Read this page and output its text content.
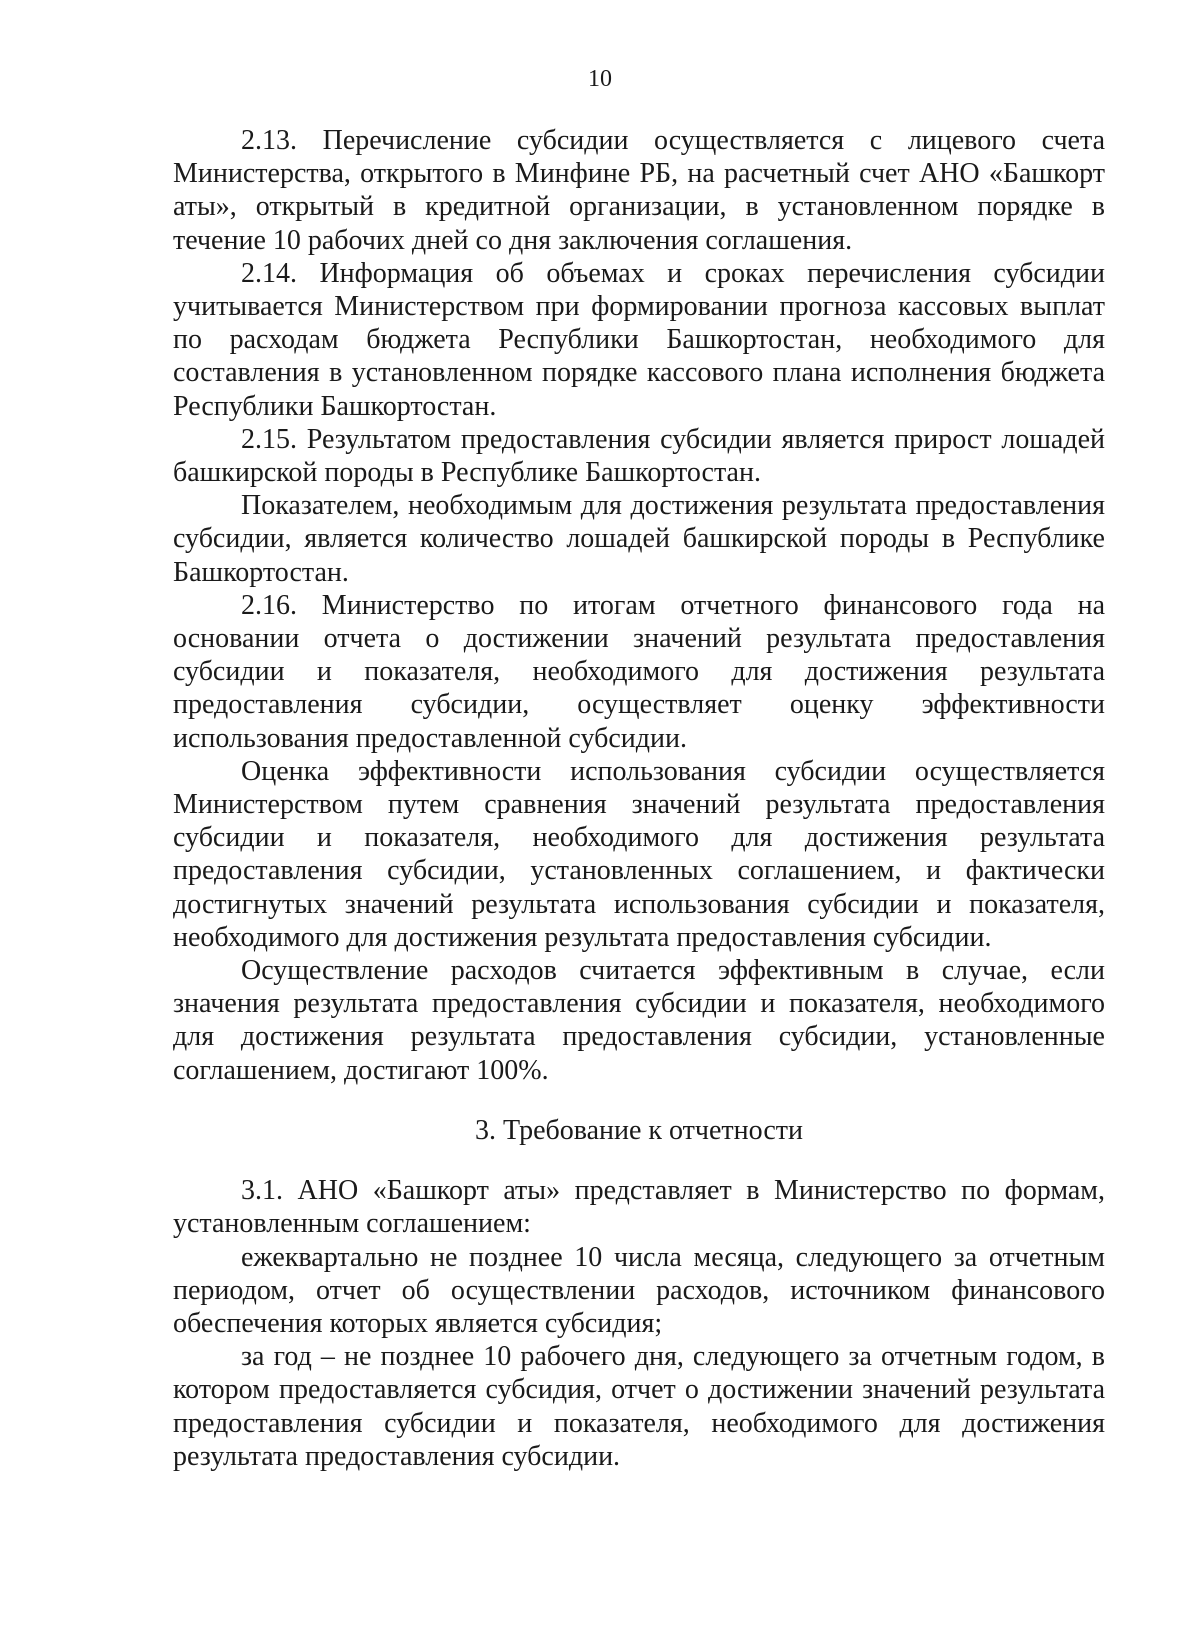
10

2.13. Перечисление субсидии осуществляется с лицевого счета Министерства, открытого в Минфине РБ, на расчетный счет АНО «Башкорт аты», открытый в кредитной организации, в установленном порядке в течение 10 рабочих дней со дня заключения соглашения.

2.14. Информация об объемах и сроках перечисления субсидии учитывается Министерством при формировании прогноза кассовых выплат по расходам бюджета Республики Башкортостан, необходимого для составления в установленном порядке кассового плана исполнения бюджета Республики Башкортостан.

2.15. Результатом предоставления субсидии является прирост лошадей башкирской породы в Республике Башкортостан.

Показателем, необходимым для достижения результата предоставления субсидии, является количество лошадей башкирской породы в Республике Башкортостан.

2.16. Министерство по итогам отчетного финансового года на основании отчета о достижении значений результата предоставления субсидии и показателя, необходимого для достижения результата предоставления субсидии, осуществляет оценку эффективности использования предоставленной субсидии.

Оценка эффективности использования субсидии осуществляется Министерством путем сравнения значений результата предоставления субсидии и показателя, необходимого для достижения результата предоставления субсидии, установленных соглашением, и фактически достигнутых значений результата использования субсидии и показателя, необходимого для достижения результата предоставления субсидии.

Осуществление расходов считается эффективным в случае, если значения результата предоставления субсидии и показателя, необходимого для достижения результата предоставления субсидии, установленные соглашением, достигают 100%.

3. Требование к отчетности

3.1. АНО «Башкорт аты» представляет в Министерство по формам, установленным соглашением:

ежеквартально не позднее 10 числа месяца, следующего за отчетным периодом, отчет об осуществлении расходов, источником финансового обеспечения которых является субсидия;

за год – не позднее 10 рабочего дня, следующего за отчетным годом, в котором предоставляется субсидия, отчет о достижении значений результата предоставления субсидии и показателя, необходимого для достижения результата предоставления субсидии.
